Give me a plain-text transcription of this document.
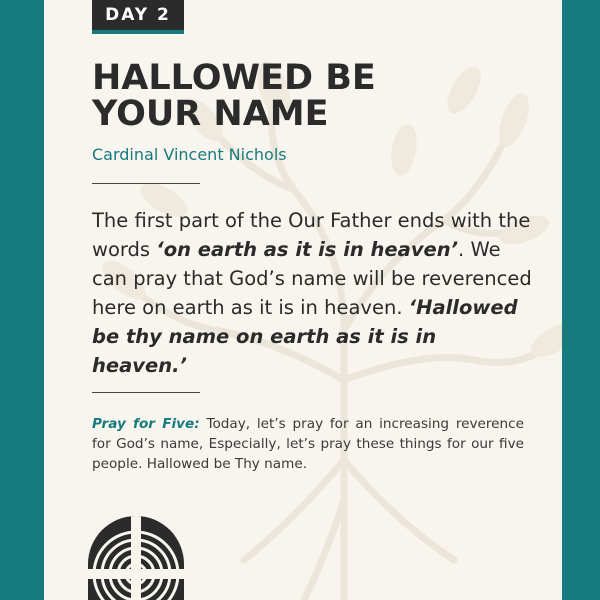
DAY 2
HALLOWED BE
YOUR NAME
Cardinal Vincent Nichols
The first part of the Our Father ends with the words ‘on earth as it is in heaven’. We can pray that God’s name will be reverenced here on earth as it is in heaven. ‘Hallowed be thy name on earth as it is in heaven.’
Pray for Five: Today, let’s pray for an increasing reverence for God’s name, Especially, let’s pray these things for our five people. Hallowed be Thy name.
